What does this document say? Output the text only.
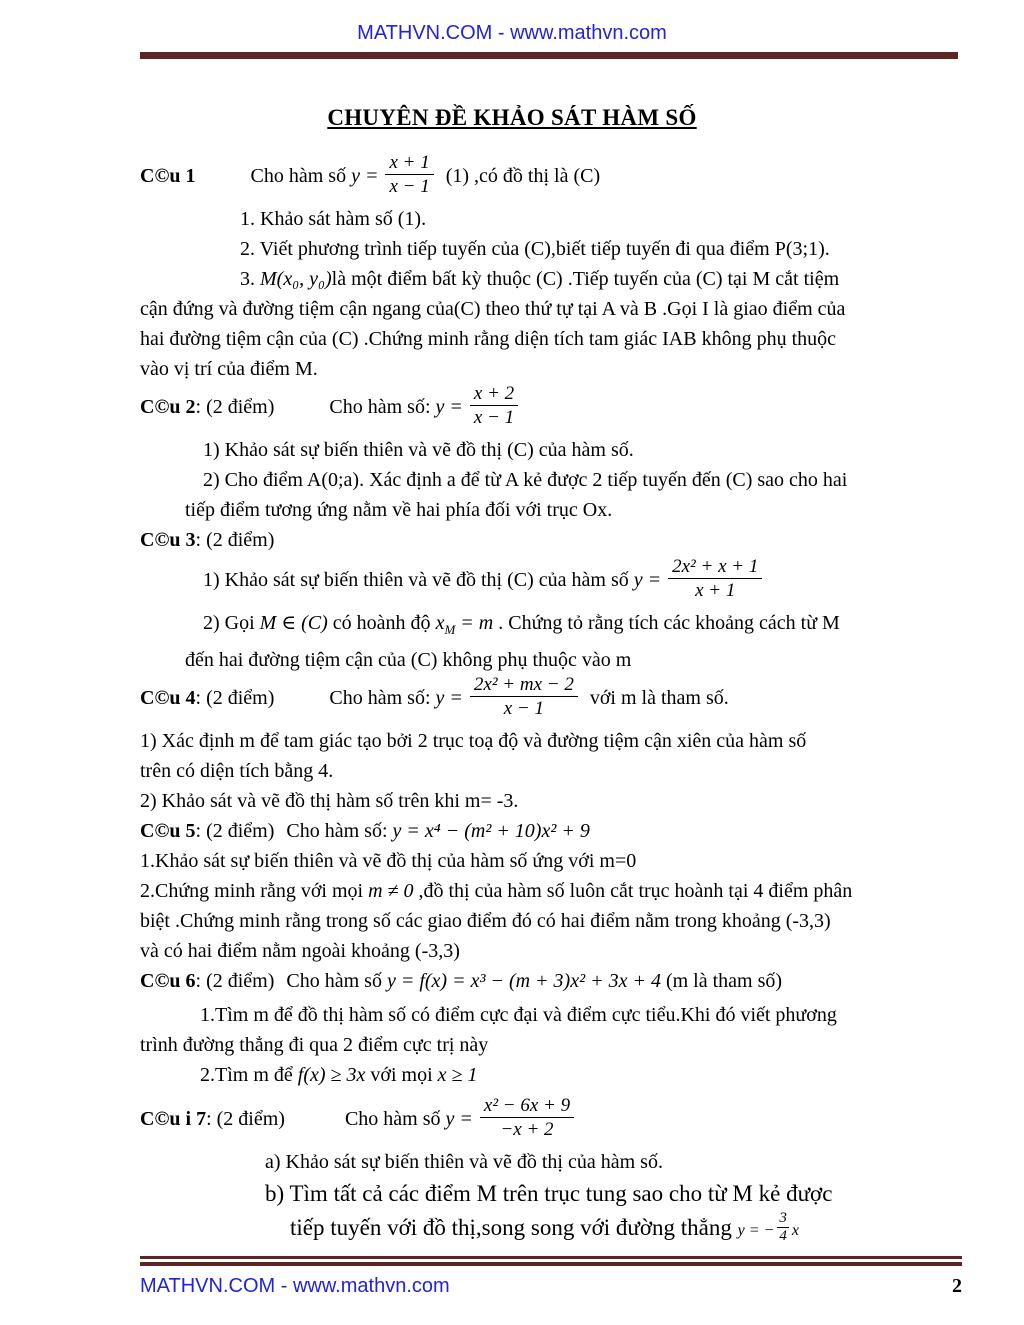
MATHVN.COM - www.mathvn.com
CHUYÊN ĐỀ KHẢO SÁT HÀM SỐ
C©u 1	Cho hàm số $y = \frac{x + 1}{x - 1} (1)$ ,có đồ thị là (C)
1. Khảo sát hàm số (1).
2. Viết phương trình tiếp tuyến của (C),biết tiếp tuyến đi qua điểm P(3;1).
3. M(x₀, y₀)là một điểm bất kỳ thuộc (C) .Tiếp tuyến của (C) tại M cắt tiệm
cận đứng và đường tiệm cận ngang của(C) theo thứ tự tại A và B .Gọi I là giao điểm của
hai đường tiệm cận của (C) .Chứng minh rằng diện tích tam giác IAB không phụ thuộc
vào vị trí của điểm M.
C©u 2: (2 điểm)	Cho hàm số: $y = \frac{x + 2}{x - 1}$
1) Khảo sát sự biến thiên và vẽ đồ thị (C) của hàm số.
2) Cho điểm A(0;a). Xác định a để từ A kẻ được 2 tiếp tuyến đến (C) sao cho hai
tiếp điểm tương ứng nằm về hai phía đối với trục Ox.
C©u 3: (2 điểm)
1) Khảo sát sự biến thiên và vẽ đồ thị (C) của hàm số $y = \frac{\text{2x² + x + 1}}{x + 1}$
2) Gọi M ∈ (C) có hoành độ $x_M = m$ . Chứng tỏ rằng tích các khoảng cách từ M
đến hai đường tiệm cận của (C) không phụ thuộc vào m
C©u 4: (2 điểm)	Cho hàm số: $y = \frac{\text{2x² + mx − 2}}{x - 1}$ với m là tham số.
1) Xác định m để tam giác tạo bởi 2 trục toạ độ và đường tiệm cận xiên của hàm số
trên có diện tích bằng 4.
2) Khảo sát và vẽ đồ thị hàm số trên khi m= -3.
C©u 5: (2 điểm) Cho hàm số: y = x⁴ − (m² + 10)x² + 9
1.Khảo sát sự biến thiên và vẽ đồ thị của hàm số ứng với m=0
2.Chứng minh rằng với mọi m ≠ 0 ,đồ thị của hàm số luôn cắt trục hoành tại 4 điểm phân
biệt .Chứng minh rằng trong số các giao điểm đó có hai điểm nằm trong khoảng (-3,3)
và có hai điểm nằm ngoài khoảng (-3,3)
C©u 6: (2 điểm) Cho hàm số y = f(x) = x³ − (m + 3)x² + 3x + 4 (m là tham số)
1.Tìm m để đồ thị hàm số có điểm cực đại và điểm cực tiểu.Khi đó viết phương
trình đường thẳng đi qua 2 điểm cực trị này
2.Tìm m để f(x) ≥ 3x với mọi x ≥ 1
C©u i 7: (2 điểm)	Cho hàm số $y = \frac{\text{x² − 6x + 9}}{-x + 2}$
a) Khảo sát sự biến thiên và vẽ đồ thị của hàm số.
b) Tìm tất cả các điểm M trên trục tung sao cho từ M kẻ được
tiếp tuyến với đồ thị,song song với đường thẳng y = − $\frac{3}{4}$ x
MATHVN.COM - www.mathvn.com	2
